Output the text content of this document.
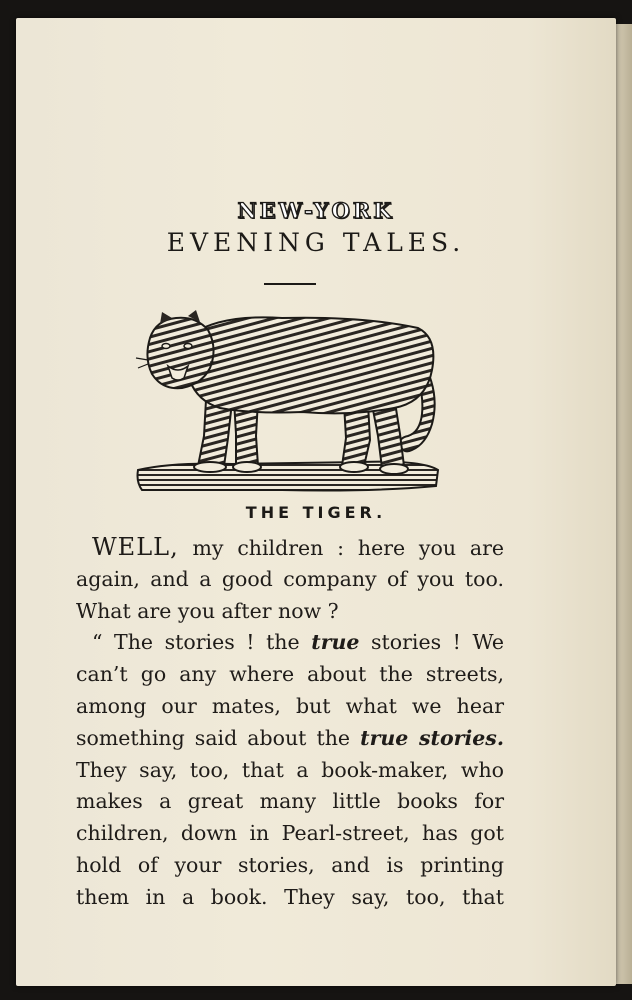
NEW-YORK
EVENING TALES.
THE TIGER.
WELL, my children : here you are
again, and a good company of you too.
What are you after now ?
“ The stories ! the true stories ! We
can’t go any where about the streets,
among our mates, but what we hear
something said about the true stories.
They say, too, that a book-maker, who
makes a great many little books for
children, down in Pearl-street, has got
hold of your stories, and is printing
them in a book. They say, too, that
